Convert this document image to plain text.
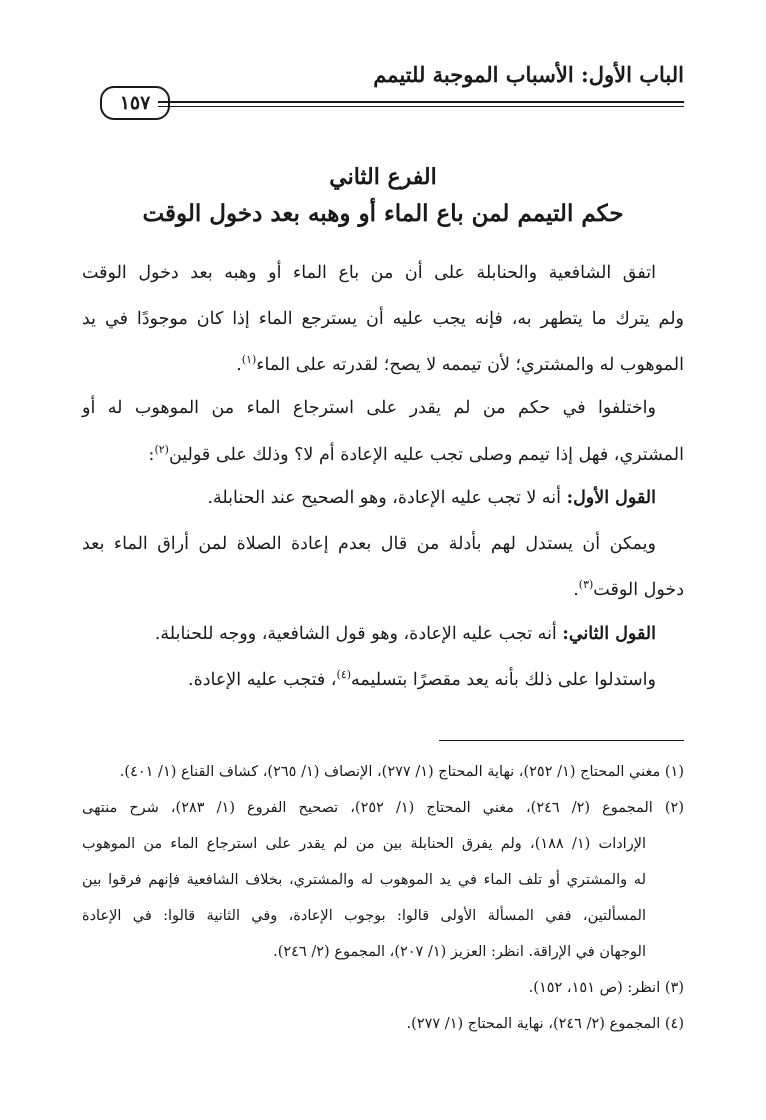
الباب الأول: الأسباب الموجبة للتيمم
١٥٧
الفرع الثاني
حكم التيمم لمن باع الماء أو وهبه بعد دخول الوقت
اتفق الشافعية والحنابلة على أن من باع الماء أو وهبه بعد دخول الوقت
ولم يترك ما يتطهر به، فإنه يجب عليه أن يسترجع الماء إذا كان موجودًا في يد
الموهوب له والمشتري؛ لأن تيممه لا يصح؛ لقدرته على الماء$^{(١)}$.
واختلفوا في حكم من لم يقدر على استرجاع الماء من الموهوب له أو
المشتري، فهل إذا تيمم وصلى تجب عليه الإعادة أم لا؟ وذلك على قولين$^{(٢)}$:
القول الأول: أنه لا تجب عليه الإعادة، وهو الصحيح عند الحنابلة.
ويمكن أن يستدل لهم بأدلة من قال بعدم إعادة الصلاة لمن أراق الماء بعد
دخول الوقت$^{(٣)}$.
القول الثاني: أنه تجب عليه الإعادة، وهو قول الشافعية، ووجه للحنابلة.
واستدلوا على ذلك بأنه يعد مقصرًا بتسليمه$^{(٤)}$، فتجب عليه الإعادة.
(١) مغني المحتاج (١/ ٢٥٢)، نهاية المحتاج (١/ ٢٧٧)، الإنصاف (١/ ٢٦٥)، كشاف القناع (١/ ٤٠١).
(٢) المجموع (٢/ ٢٤٦)، مغني المحتاج (١/ ٢٥٢)، تصحيح الفروع (١/ ٢٨٣)، شرح منتهى
الإرادات (١/ ١٨٨)، ولم يفرق الحنابلة بين من لم يقدر على استرجاع الماء من الموهوب
له والمشتري أو تلف الماء في يد الموهوب له والمشتري، بخلاف الشافعية فإنهم فرقوا بين
المسألتين، ففي المسألة الأولى قالوا: بوجوب الإعادة، وفي الثانية قالوا: في الإعادة
الوجهان في الإراقة. انظر: العزيز (١/ ٢٠٧)، المجموع (٢/ ٢٤٦).
(٣) انظر: (ص ١٥١، ١٥٢).
(٤) المجموع (٢/ ٢٤٦)، نهاية المحتاج (١/ ٢٧٧).
